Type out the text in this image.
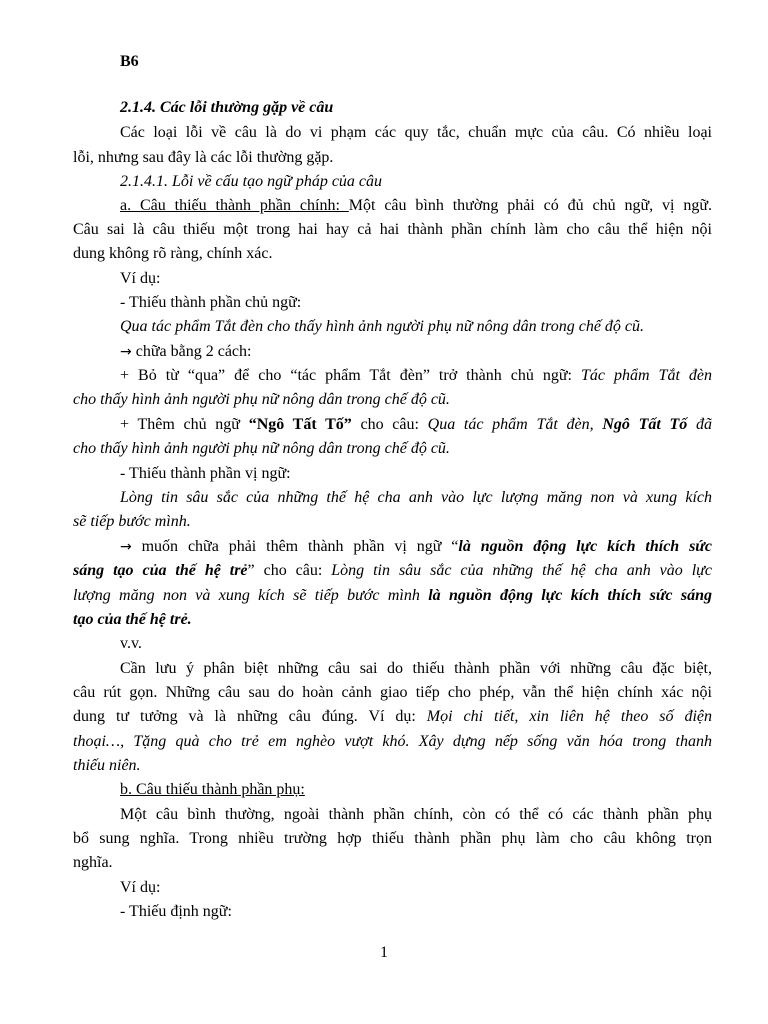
B6
2.1.4. Các lỗi thường gặp về câu
Các loại lỗi về câu là do vi phạm các quy tắc, chuẩn mực của câu. Có nhiều loại
lỗi, nhưng sau đây là các lỗi thường gặp.
2.1.4.1. Lỗi về cấu tạo ngữ pháp của câu
a. Câu thiếu thành phần chính: Một câu bình thường phải có đủ chủ ngữ, vị ngữ.
Câu sai là câu thiếu một trong hai hay cả hai thành phần chính làm cho câu thể hiện nội
dung không rõ ràng, chính xác.
Ví dụ:
- Thiếu thành phần chủ ngữ:
Qua tác phẩm Tắt đèn cho thấy hình ảnh người phụ nữ nông dân trong chế độ cũ.
→ chữa bằng 2 cách:
+ Bỏ từ “qua” để cho “tác phẩm Tắt đèn” trở thành chủ ngữ: Tác phẩm Tắt đèn
cho thấy hình ảnh người phụ nữ nông dân trong chế độ cũ.
+ Thêm chủ ngữ “Ngô Tất Tố” cho câu: Qua tác phẩm Tắt đèn, Ngô Tất Tố đã
cho thấy hình ảnh người phụ nữ nông dân trong chế độ cũ.
- Thiếu thành phần vị ngữ:
Lòng tin sâu sắc của những thế hệ cha anh vào lực lượng măng non và xung kích
sẽ tiếp bước mình.
→ muốn chữa phải thêm thành phần vị ngữ “là nguồn động lực kích thích sức
sáng tạo của thế hệ trẻ” cho câu: Lòng tin sâu sắc của những thế hệ cha anh vào lực
lượng măng non và xung kích sẽ tiếp bước mình là nguồn động lực kích thích sức sáng
tạo của thế hệ trẻ.
v.v.
Cần lưu ý phân biệt những câu sai do thiếu thành phần với những câu đặc biệt,
câu rút gọn. Những câu sau do hoàn cảnh giao tiếp cho phép, vẫn thể hiện chính xác nội
dung tư tưởng và là những câu đúng. Ví dụ: Mọi chi tiết, xin liên hệ theo số điện
thoại…, Tặng quà cho trẻ em nghèo vượt khó. Xây dựng nếp sống văn hóa trong thanh
thiếu niên.
b. Câu thiếu thành phần phụ:
Một câu bình thường, ngoài thành phần chính, còn có thể có các thành phần phụ
bổ sung nghĩa. Trong nhiều trường hợp thiếu thành phần phụ làm cho câu không trọn
nghĩa.
Ví dụ:
- Thiếu định ngữ:
1
